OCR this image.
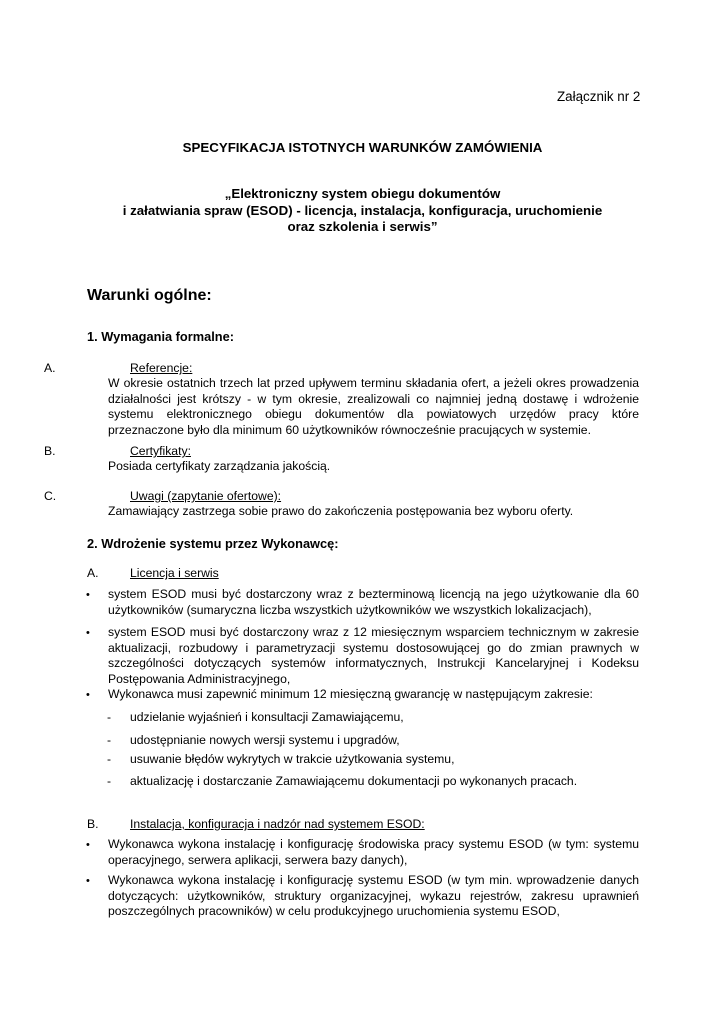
Załącznik nr 2
SPECYFIKACJA ISTOTNYCH WARUNKÓW ZAMÓWIENIA
„Elektroniczny system obiegu dokumentów
i załatwiania spraw (ESOD) - licencja, instalacja, konfiguracja, uruchomienie
oraz szkolenia i serwis”
Warunki ogólne:
1. Wymagania formalne:
A.	Referencje:
W okresie ostatnich trzech lat przed upływem terminu składania ofert, a jeżeli okres prowadzenia
działalności jest krótszy - w tym okresie, zrealizowali co najmniej jedną dostawę i wdrożenie
systemu elektronicznego obiegu dokumentów dla powiatowych urzędów pracy które
przeznaczone było dla minimum 60 użytkowników równocześnie pracujących w systemie.
B.	Certyfikaty:
Posiada certyfikaty zarządzania jakością.
C.	Uwagi (zapytanie ofertowe):
Zamawiający zastrzega sobie prawo do zakończenia postępowania bez wyboru oferty.
2. Wdrożenie systemu przez Wykonawcę:
A.	Licencja i serwis
• system ESOD musi być dostarczony wraz z bezterminową licencją na jego użytkowanie dla 60
użytkowników (sumaryczna liczba wszystkich użytkowników we wszystkich lokalizacjach),
• system ESOD musi być dostarczony wraz z 12 miesięcznym wsparciem technicznym w zakresie
aktualizacji, rozbudowy i parametryzacji systemu dostosowującej go do zmian prawnych w
szczególności dotyczących systemów informatycznych, Instrukcji Kancelaryjnej i Kodeksu
Postępowania Administracyjnego,
• Wykonawca musi zapewnić minimum 12 miesięczną gwarancję w następującym zakresie:
- udzielanie wyjaśnień i konsultacji Zamawiającemu,
- udostępnianie nowych wersji systemu i upgradów,
- usuwanie błędów wykrytych w trakcie użytkowania systemu,
- aktualizację i dostarczanie Zamawiającemu dokumentacji po wykonanych pracach.
B.	Instalacja, konfiguracja i nadzór nad systemem ESOD:
• Wykonawca wykona instalację i konfigurację środowiska pracy systemu ESOD (w tym: systemu
operacyjnego, serwera aplikacji, serwera bazy danych),
• Wykonawca wykona instalację i konfigurację systemu ESOD (w tym min. wprowadzenie danych
dotyczących: użytkowników, struktury organizacyjnej, wykazu rejestrów, zakresu uprawnień
poszczególnych pracowników) w celu produkcyjnego uruchomienia systemu ESOD,
